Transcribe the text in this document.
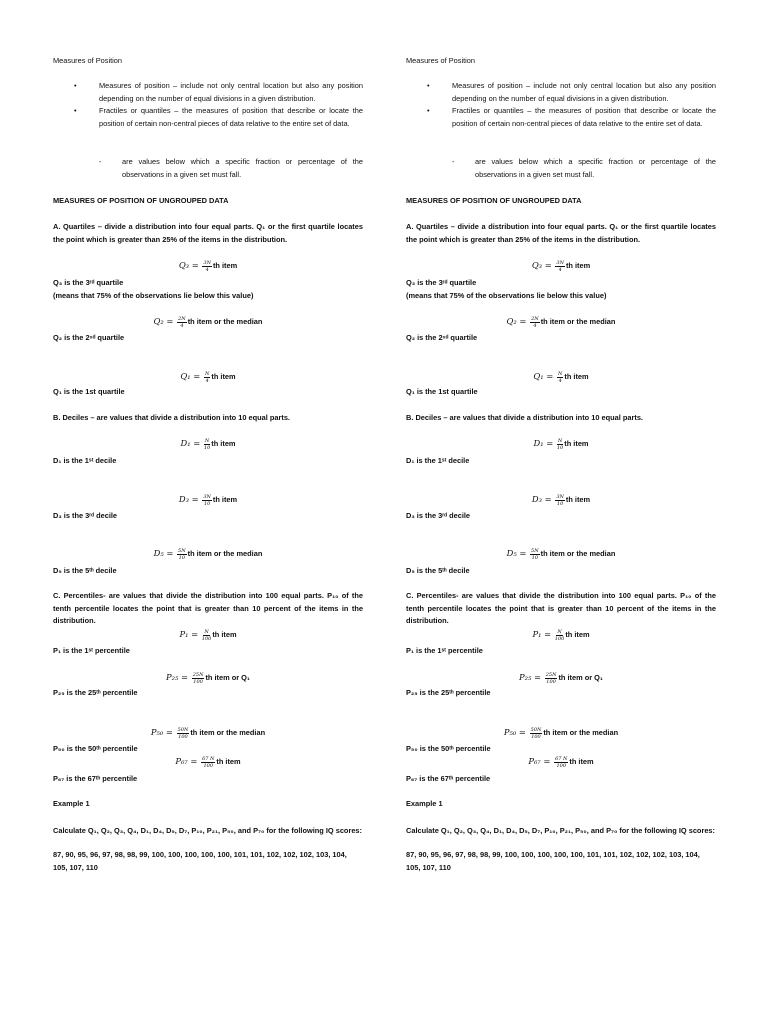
Measures of Position
•	Measures of position – include not only central location but also any position depending on the number of equal divisions in a given distribution.
•	Fractiles or quantiles – the measures of position that describe or locate the position of certain non-central pieces of data relative to the entire set of data.
-	are values below which a specific fraction or percentage of the observations in a given set must fall.
MEASURES OF POSITION OF UNGROUPED DATA
A. Quartiles – divide a distribution into four equal parts. Q₁ or the first quartile locates the point which is greater than 25% of the items in the distribution.
$Q_3 = \frac{3N}{4}$ th item
Q₃ is the 3ʳᵈ quartile
(means that 75% of the observations lie below this value)
$Q_2 = \frac{2N}{4}$ th item or the median
Q₂ is the 2ⁿᵈ quartile
$Q_1 = \frac{N}{4}$ th item
Q₁ is the 1st quartile
B. Deciles – are values that divide a distribution into 10 equal parts.
$D_1 = \frac{N}{10}$ th item
D₁ is the 1ˢᵗ decile
$D_3 = \frac{3N}{10}$ th item
D₃ is the 3ʳᵈ decile
$D_5 = \frac{5N}{10}$ th item or the median
D₅ is the 5ᵗʰ decile
C. Percentiles- are values that divide the distribution into 100 equal parts. P₁₀ of the tenth percentile locates the point that is greater than 10 percent of the items in the distribution.
$P_1 = \frac{N}{100}$ th item
P₁ is the 1ˢᵗ percentile
$P_{25} = \frac{25N}{100}$ th item or Q₁
P₂₅ is the 25ᵗʰ percentile
$P_{50} = \frac{50N}{100}$ th item or the median
P₅₀ is the 50ᵗʰ percentile
$P_{67} = \frac{67 N}{100}$ th item
P₆₇ is the 67ᵗʰ percentile
Example 1
Calculate Q₁, Q₂, Q₃, Q₄, D₁, D₄, D₅, D₇, P₁₀, P₂₁, P₅₀, and P₇₀ for the following IQ scores:
87, 90, 95, 96, 97, 98, 98, 99, 100, 100, 100, 100, 100, 101, 101, 102, 102, 102, 103, 104, 105, 107, 110
Measures of Position
•	Measures of position – include not only central location but also any position depending on the number of equal divisions in a given distribution.
•	Fractiles or quantiles – the measures of position that describe or locate the position of certain non-central pieces of data relative to the entire set of data.
-	are values below which a specific fraction or percentage of the observations in a given set must fall.
MEASURES OF POSITION OF UNGROUPED DATA
A. Quartiles – divide a distribution into four equal parts. Q₁ or the first quartile locates the point which is greater than 25% of the items in the distribution.
$Q_3 = \frac{3N}{4}$ th item
Q₃ is the 3ʳᵈ quartile
(means that 75% of the observations lie below this value)
$Q_2 = \frac{2N}{4}$ th item or the median
Q₂ is the 2ⁿᵈ quartile
$Q_1 = \frac{N}{4}$ th item
Q₁ is the 1st quartile
B. Deciles – are values that divide a distribution into 10 equal parts.
$D_1 = \frac{N}{10}$ th item
D₁ is the 1ˢᵗ decile
$D_3 = \frac{3N}{10}$ th item
D₃ is the 3ʳᵈ decile
$D_5 = \frac{5N}{10}$ th item or the median
D₅ is the 5ᵗʰ decile
C. Percentiles- are values that divide the distribution into 100 equal parts. P₁₀ of the tenth percentile locates the point that is greater than 10 percent of the items in the distribution.
$P_1 = \frac{N}{100}$ th item
P₁ is the 1ˢᵗ percentile
$P_{25} = \frac{25N}{100}$ th item or Q₁
P₂₅ is the 25ᵗʰ percentile
$P_{50} = \frac{50N}{100}$ th item or the median
P₅₀ is the 50ᵗʰ percentile
$P_{67} = \frac{67 N}{100}$ th item
P₆₇ is the 67ᵗʰ percentile
Example 1
Calculate Q₁, Q₂, Q₃, Q₄, D₁, D₄, D₅, D₇, P₁₀, P₂₁, P₅₀, and P₇₀ for the following IQ scores:
87, 90, 95, 96, 97, 98, 98, 99, 100, 100, 100, 100, 100, 101, 101, 102, 102, 102, 103, 104, 105, 107, 110
